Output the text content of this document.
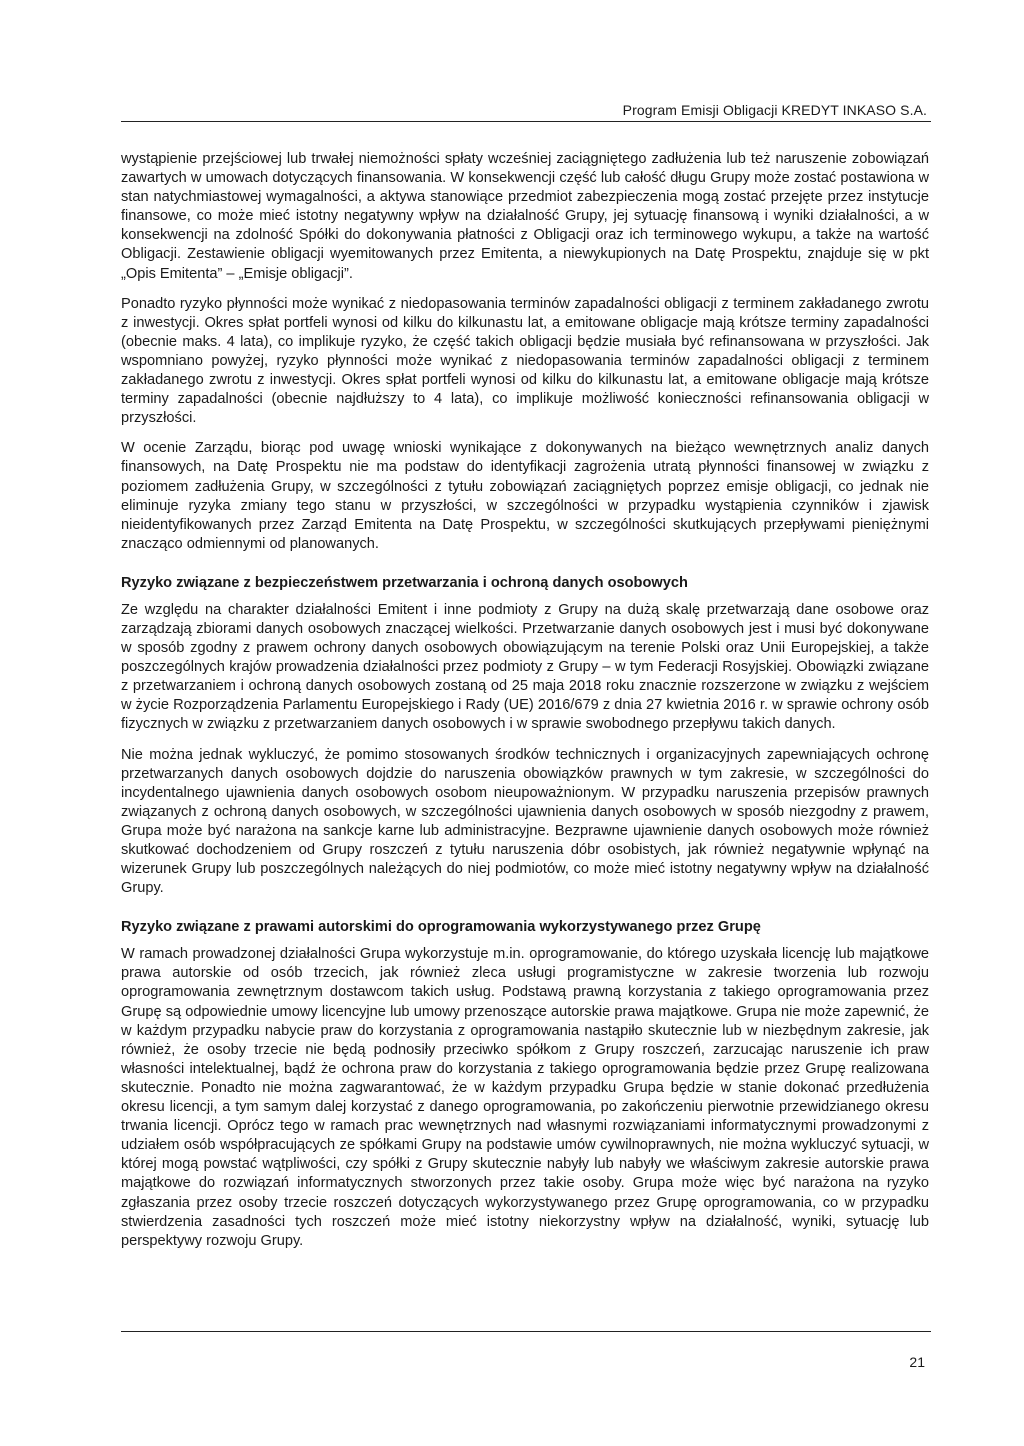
Program Emisji Obligacji KREDYT INKASO S.A.

wystąpienie przejściowej lub trwałej niemożności spłaty wcześniej zaciągniętego zadłużenia lub też naruszenie zobowiązań zawartych w umowach dotyczących finansowania. W konsekwencji część lub całość długu Grupy może zostać postawiona w stan natychmiastowej wymagalności, a aktywa stanowiące przedmiot zabezpieczenia mogą zostać przejęte przez instytucje finansowe, co może mieć istotny negatywny wpływ na działalność Grupy, jej sytuację finansową i wyniki działalności, a w konsekwencji na zdolność Spółki do dokonywania płatności z Obligacji oraz ich terminowego wykupu, a także na wartość Obligacji. Zestawienie obligacji wyemitowanych przez Emitenta, a niewykupionych na Datę Prospektu, znajduje się w pkt „Opis Emitenta” – „Emisje obligacji”.

Ponadto ryzyko płynności może wynikać z niedopasowania terminów zapadalności obligacji z terminem zakładanego zwrotu z inwestycji. Okres spłat portfeli wynosi od kilku do kilkunastu lat, a emitowane obligacje mają krótsze terminy zapadalności (obecnie maks. 4 lata), co implikuje ryzyko, że część takich obligacji będzie musiała być refinansowana w przyszłości. Jak wspomniano powyżej, ryzyko płynności może wynikać z niedopasowania terminów zapadalności obligacji z terminem zakładanego zwrotu z inwestycji. Okres spłat portfeli wynosi od kilku do kilkunastu lat, a emitowane obligacje mają krótsze terminy zapadalności (obecnie najdłuższy to 4 lata), co implikuje możliwość konieczności refinansowania obligacji w przyszłości.

W ocenie Zarządu, biorąc pod uwagę wnioski wynikające z dokonywanych na bieżąco wewnętrznych analiz danych finansowych, na Datę Prospektu nie ma podstaw do identyfikacji zagrożenia utratą płynności finansowej w związku z poziomem zadłużenia Grupy, w szczególności z tytułu zobowiązań zaciągniętych poprzez emisje obligacji, co jednak nie eliminuje ryzyka zmiany tego stanu w przyszłości, w szczególności w przypadku wystąpienia czynników i zjawisk nieidentyfikowanych przez Zarząd Emitenta na Datę Prospektu, w szczególności skutkujących przepływami pieniężnymi znacząco odmiennymi od planowanych.

Ryzyko związane z bezpieczeństwem przetwarzania i ochroną danych osobowych

Ze względu na charakter działalności Emitent i inne podmioty z Grupy na dużą skalę przetwarzają dane osobowe oraz zarządzają zbiorami danych osobowych znaczącej wielkości. Przetwarzanie danych osobowych jest i musi być dokonywane w sposób zgodny z prawem ochrony danych osobowych obowiązującym na terenie Polski oraz Unii Europejskiej, a także poszczególnych krajów prowadzenia działalności przez podmioty z Grupy – w tym Federacji Rosyjskiej. Obowiązki związane z przetwarzaniem i ochroną danych osobowych zostaną od 25 maja 2018 roku znacznie rozszerzone w związku z wejściem w życie Rozporządzenia Parlamentu Europejskiego i Rady (UE) 2016/679 z dnia 27 kwietnia 2016 r. w sprawie ochrony osób fizycznych w związku z przetwarzaniem danych osobowych i w sprawie swobodnego przepływu takich danych.

Nie można jednak wykluczyć, że pomimo stosowanych środków technicznych i organizacyjnych zapewniających ochronę przetwarzanych danych osobowych dojdzie do naruszenia obowiązków prawnych w tym zakresie, w szczególności do incydentalnego ujawnienia danych osobowych osobom nieupoważnionym. W przypadku naruszenia przepisów prawnych związanych z ochroną danych osobowych, w szczególności ujawnienia danych osobowych w sposób niezgodny z prawem, Grupa może być narażona na sankcje karne lub administracyjne. Bezprawne ujawnienie danych osobowych może również skutkować dochodzeniem od Grupy roszczeń z tytułu naruszenia dóbr osobistych, jak również negatywnie wpłynąć na wizerunek Grupy lub poszczególnych należących do niej podmiotów, co może mieć istotny negatywny wpływ na działalność Grupy.

Ryzyko związane z prawami autorskimi do oprogramowania wykorzystywanego przez Grupę

W ramach prowadzonej działalności Grupa wykorzystuje m.in. oprogramowanie, do którego uzyskała licencję lub majątkowe prawa autorskie od osób trzecich, jak również zleca usługi programistyczne w zakresie tworzenia lub rozwoju oprogramowania zewnętrznym dostawcom takich usług. Podstawą prawną korzystania z takiego oprogramowania przez Grupę są odpowiednie umowy licencyjne lub umowy przenoszące autorskie prawa majątkowe. Grupa nie może zapewnić, że w każdym przypadku nabycie praw do korzystania z oprogramowania nastąpiło skutecznie lub w niezbędnym zakresie, jak również, że osoby trzecie nie będą podnosiły przeciwko spółkom z Grupy roszczeń, zarzucając naruszenie ich praw własności intelektualnej, bądź że ochrona praw do korzystania z takiego oprogramowania będzie przez Grupę realizowana skutecznie. Ponadto nie można zagwarantować, że w każdym przypadku Grupa będzie w stanie dokonać przedłużenia okresu licencji, a tym samym dalej korzystać z danego oprogramowania, po zakończeniu pierwotnie przewidzianego okresu trwania licencji. Oprócz tego w ramach prac wewnętrznych nad własnymi rozwiązaniami informatycznymi prowadzonymi z udziałem osób współpracujących ze spółkami Grupy na podstawie umów cywilnoprawnych, nie można wykluczyć sytuacji, w której mogą powstać wątpliwości, czy spółki z Grupy skutecznie nabyły lub nabyły we właściwym zakresie autorskie prawa majątkowe do rozwiązań informatycznych stworzonych przez takie osoby. Grupa może więc być narażona na ryzyko zgłaszania przez osoby trzecie roszczeń dotyczących wykorzystywanego przez Grupę oprogramowania, co w przypadku stwierdzenia zasadności tych roszczeń może mieć istotny niekorzystny wpływ na działalność, wyniki, sytuację lub perspektywy rozwoju Grupy.

21
